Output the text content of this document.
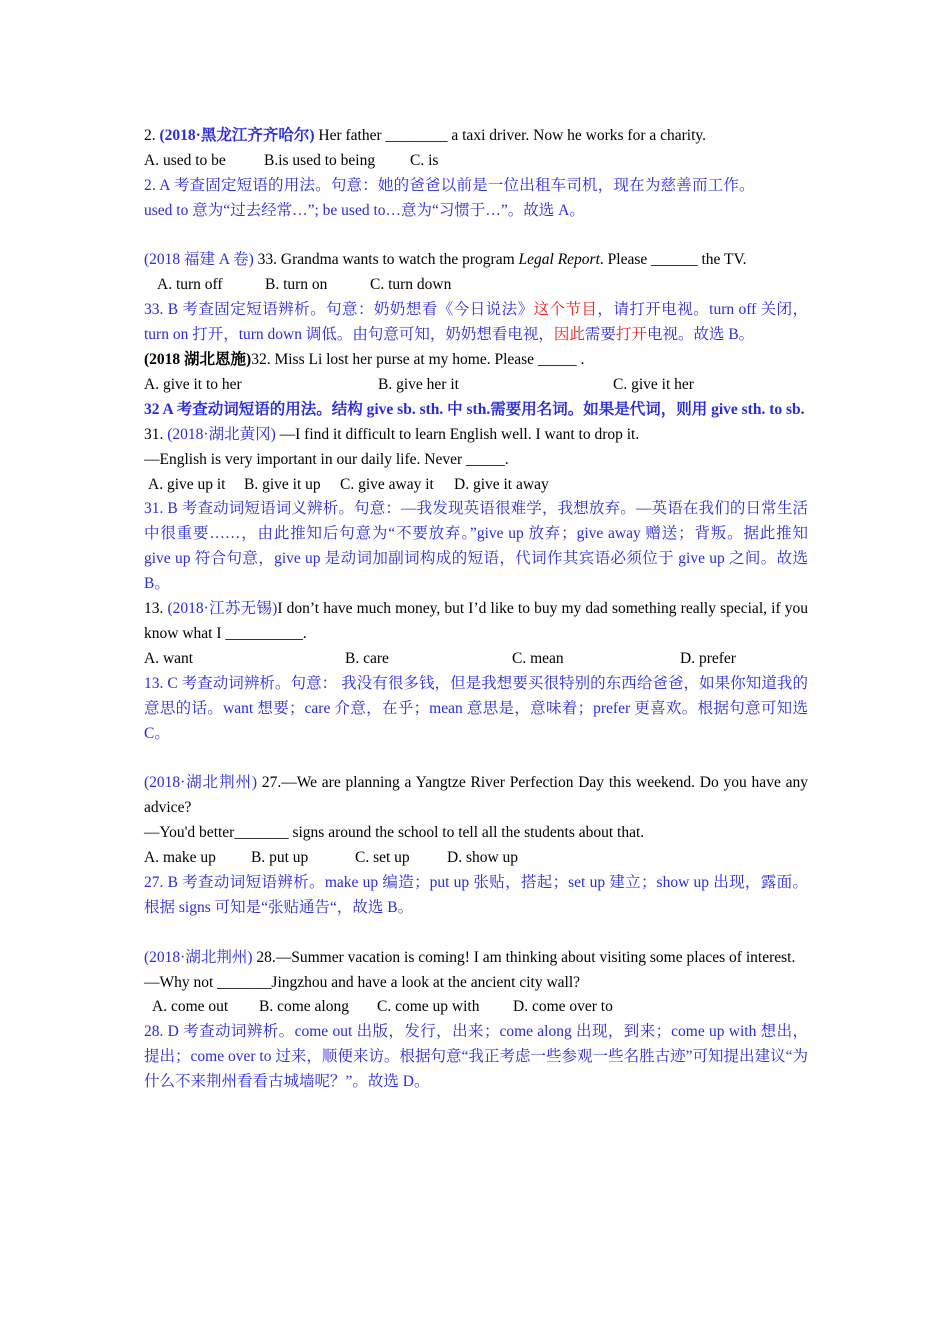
2. (2018·黑龙江齐齐哈尔) Her father ________ a taxi driver. Now he works for a charity.
A. used to be B.is used to being C. is
2. A 考查固定短语的用法。句意：她的爸爸以前是一位出租车司机，现在为慈善而工作。
used to 意为“过去经常…”; be used to…意为“习惯于…”。故选 A。
(2018 福建 A 卷) 33. Grandma wants to watch the program Legal Report. Please ______ the TV.
A. turn off	B. turn on	C. turn down
33. B 考查固定短语辨析。句意：奶奶想看《今日说法》这个节目，请打开电视。turn off 关闭，turn on 打开，turn down 调低。由句意可知，奶奶想看电视，因此需要打开电视。故选 B。
(2018 湖北恩施)32. Miss Li lost her purse at my home. Please _____ .
A. give it to her	B. give her it	C. give it her
32 A 考查动词短语的用法。结构 give sb. sth. 中 sth.需要用名词。如果是代词，则用 give sth. to sb.
31. (2018·湖北黄冈) —I find it difficult to learn English well. I want to drop it.
—English is very important in our daily life. Never _____.
A. give up it B. give it up C. give away it D. give it away
31. B 考查动词短语词义辨析。句意：—我发现英语很难学，我想放弃。—英语在我们的日常生活中很重要……，由此推知后句意为“不要放弃。”give up 放弃；give away 赠送；背叛。据此推知 give up 符合句意，give up 是动词加副词构成的短语，代词作其宾语必须位于 give up 之间。故选 B。
13. (2018·江苏无锡)I don’t have much money, but I’d like to buy my dad something really special, if you know what I __________.
A. want	B. care	C. mean	D. prefer
13. C 考查动词辨析。句意： 我没有很多钱，但是我想要买很特别的东西给爸爸，如果你知道我的意思的话。want 想要；care 介意，在乎；mean 意思是，意味着；prefer 更喜欢。根据句意可知选 C。
(2018·湖北荆州) 27.—We are planning a Yangtze River Perfection Day this weekend. Do you have any advice?
—You'd better_______ signs around the school to tell all the students about that.
A. make up B. put up	C. set up D. show up
27. B 考查动词短语辨析。make up 编造；put up 张贴，搭起；set up 建立；show up 出现，露面。根据 signs 可知是“张贴通告“，故选 B。
(2018·湖北荆州) 28.—Summer vacation is coming! I am thinking about visiting some places of interest.
—Why not _______Jingzhou and have a look at the ancient city wall?
A. come out B. come along C. come up with D. come over to
28. D 考查动词辨析。come out 出版，发行，出来；come along 出现，到来；come up with 想出，提出；come over to 过来，顺便来访。根据句意“我正考虑一些参观一些名胜古迹”可知提出建议“为什么不来荆州看看古城墙呢？”。故选 D。
